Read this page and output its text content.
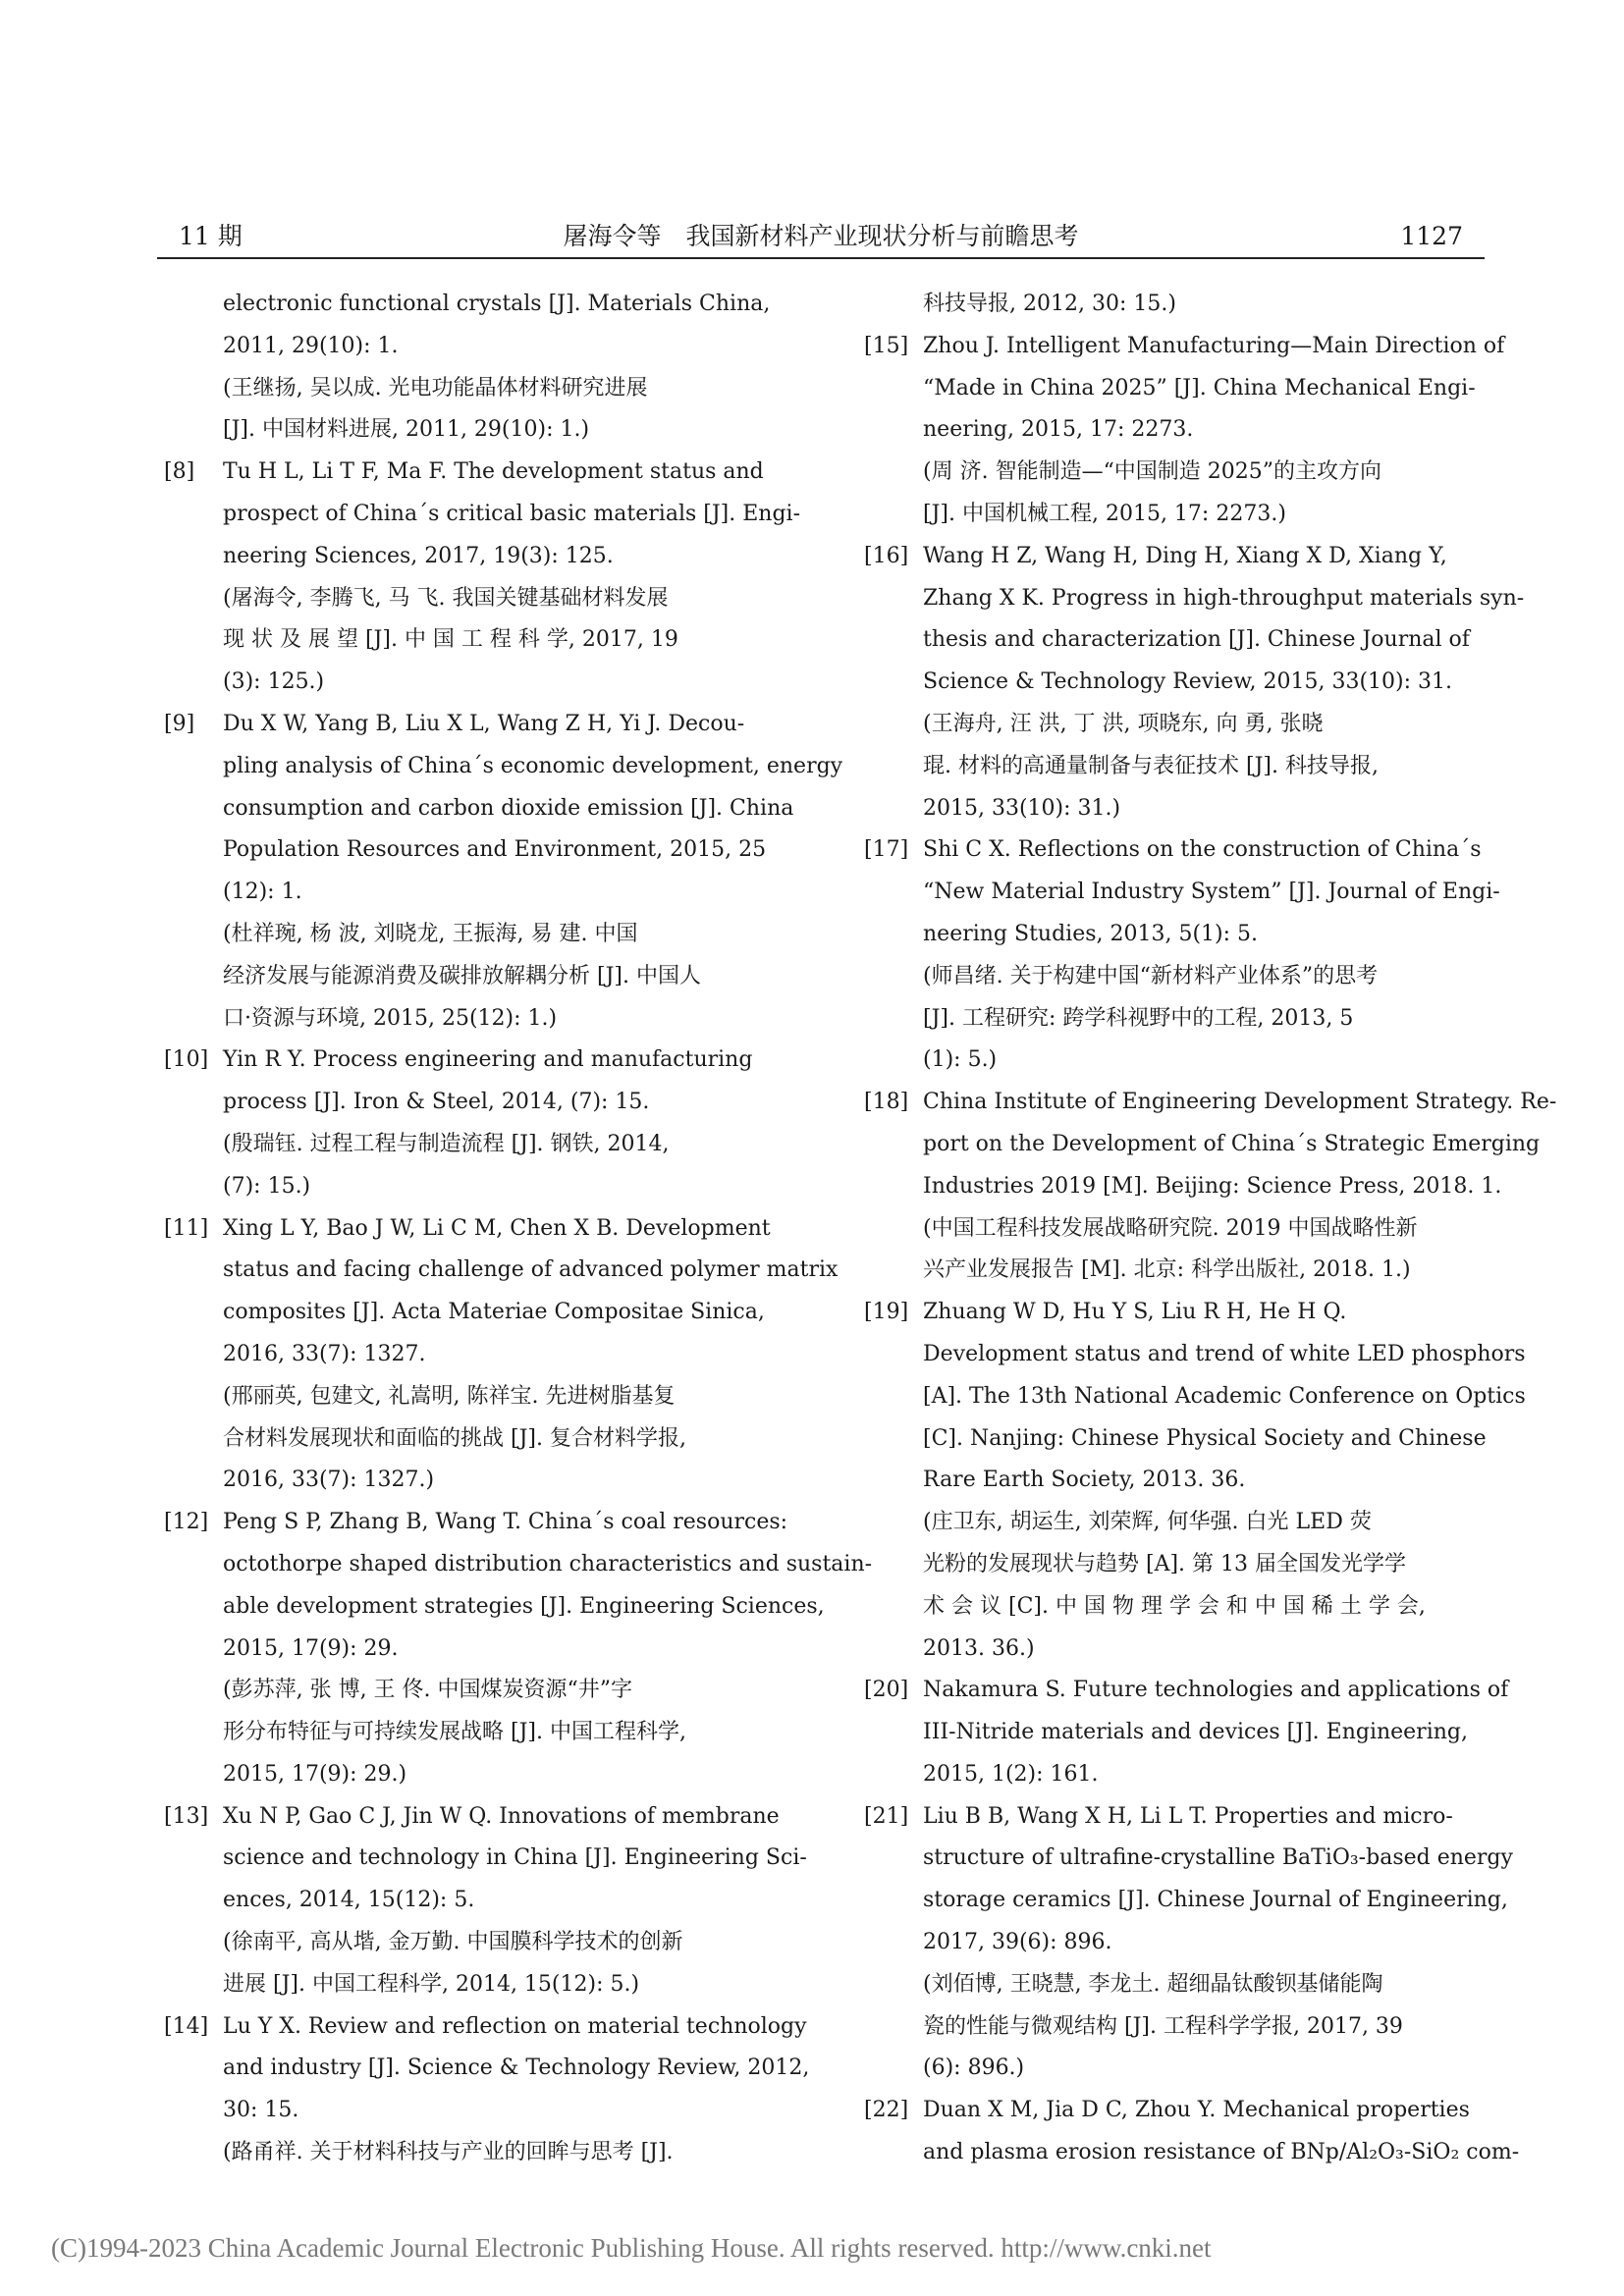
11 期	屠海令等　我国新材料产业现状分析与前瞻思考	1127
electronic functional crystals [J]. Materials China,
2011, 29(10): 1.
(王继扬, 吴以成. 光电功能晶体材料研究进展
[J]. 中国材料进展, 2011, 29(10): 1.)
[8]	Tu H L, Li T F, Ma F. The development status and
prospect of China´s critical basic materials [J]. Engi-
neering Sciences, 2017, 19(3): 125.
(屠海令, 李腾飞, 马 飞. 我国关键基础材料发展
现 状 及 展 望 [J]. 中 国 工 程 科 学, 2017, 19
(3): 125.)
[9]	Du X W, Yang B, Liu X L, Wang Z H, Yi J. Decou-
pling analysis of China´s economic development, energy
consumption and carbon dioxide emission [J]. China
Population Resources and Environment, 2015, 25
(12): 1.
(杜祥琬, 杨 波, 刘晓龙, 王振海, 易 建. 中国
经济发展与能源消费及碳排放解耦分析 [J]. 中国人
口·资源与环境, 2015, 25(12): 1.)
[10] Yin R Y. Process engineering and manufacturing
process [J]. Iron & Steel, 2014, (7): 15.
(殷瑞钰. 过程工程与制造流程 [J]. 钢铁, 2014,
(7): 15.)
[11] Xing L Y, Bao J W, Li C M, Chen X B. Development
status and facing challenge of advanced polymer matrix
composites [J]. Acta Materiae Compositae Sinica,
2016, 33(7): 1327.
(邢丽英, 包建文, 礼嵩明, 陈祥宝. 先进树脂基复
合材料发展现状和面临的挑战 [J]. 复合材料学报,
2016, 33(7): 1327.)
[12] Peng S P, Zhang B, Wang T. China´s coal resources:
octothorpe shaped distribution characteristics and sustain-
able development strategies [J]. Engineering Sciences,
2015, 17(9): 29.
(彭苏萍, 张 博, 王 佟. 中国煤炭资源“井”字
形分布特征与可持续发展战略 [J]. 中国工程科学,
2015, 17(9): 29.)
[13] Xu N P, Gao C J, Jin W Q. Innovations of membrane
science and technology in China [J]. Engineering Sci-
ences, 2014, 15(12): 5.
(徐南平, 高从堦, 金万勤. 中国膜科学技术的创新
进展 [J]. 中国工程科学, 2014, 15(12): 5.)
[14] Lu Y X. Review and reflection on material technology
and industry [J]. Science & Technology Review, 2012,
30: 15.
(路甬祥. 关于材料科技与产业的回眸与思考 [J].
科技导报, 2012, 30: 15.)
[15] Zhou J. Intelligent Manufacturing—Main Direction of
“Made in China 2025” [J]. China Mechanical Engi-
neering, 2015, 17: 2273.
(周 济. 智能制造—“中国制造 2025”的主攻方向
[J]. 中国机械工程, 2015, 17: 2273.)
[16] Wang H Z, Wang H, Ding H, Xiang X D, Xiang Y,
Zhang X K. Progress in high-throughput materials syn-
thesis and characterization [J]. Chinese Journal of
Science & Technology Review, 2015, 33(10): 31.
(王海舟, 汪 洪, 丁 洪, 项晓东, 向 勇, 张晓
琨. 材料的高通量制备与表征技术 [J]. 科技导报,
2015, 33(10): 31.)
[17] Shi C X. Reflections on the construction of China´s
“New Material Industry System” [J]. Journal of Engi-
neering Studies, 2013, 5(1): 5.
(师昌绪. 关于构建中国“新材料产业体系”的思考
[J]. 工程研究: 跨学科视野中的工程, 2013, 5
(1): 5.)
[18] China Institute of Engineering Development Strategy. Re-
port on the Development of China´s Strategic Emerging
Industries 2019 [M]. Beijing: Science Press, 2018. 1.
(中国工程科技发展战略研究院. 2019 中国战略性新
兴产业发展报告 [M]. 北京: 科学出版社, 2018. 1.)
[19] Zhuang W D, Hu Y S, Liu R H, He H Q.
Development status and trend of white LED phosphors
[A]. The 13th National Academic Conference on Optics
[C]. Nanjing: Chinese Physical Society and Chinese
Rare Earth Society, 2013. 36.
(庄卫东, 胡运生, 刘荣辉, 何华强. 白光 LED 荧
光粉的发展现状与趋势 [A]. 第 13 届全国发光学学
术 会 议 [C]. 中 国 物 理 学 会 和 中 国 稀 土 学 会,
2013. 36.)
[20] Nakamura S. Future technologies and applications of
III-Nitride materials and devices [J]. Engineering,
2015, 1(2): 161.
[21] Liu B B, Wang X H, Li L T. Properties and micro-
structure of ultrafine-crystalline BaTiO₃-based energy
storage ceramics [J]. Chinese Journal of Engineering,
2017, 39(6): 896.
(刘佰博, 王晓慧, 李龙土. 超细晶钛酸钡基储能陶
瓷的性能与微观结构 [J]. 工程科学学报, 2017, 39
(6): 896.)
[22] Duan X M, Jia D C, Zhou Y. Mechanical properties
and plasma erosion resistance of BNp/Al₂O₃-SiO₂ com-
(C)1994-2023 China Academic Journal Electronic Publishing House. All rights reserved. http://www.cnki.net
